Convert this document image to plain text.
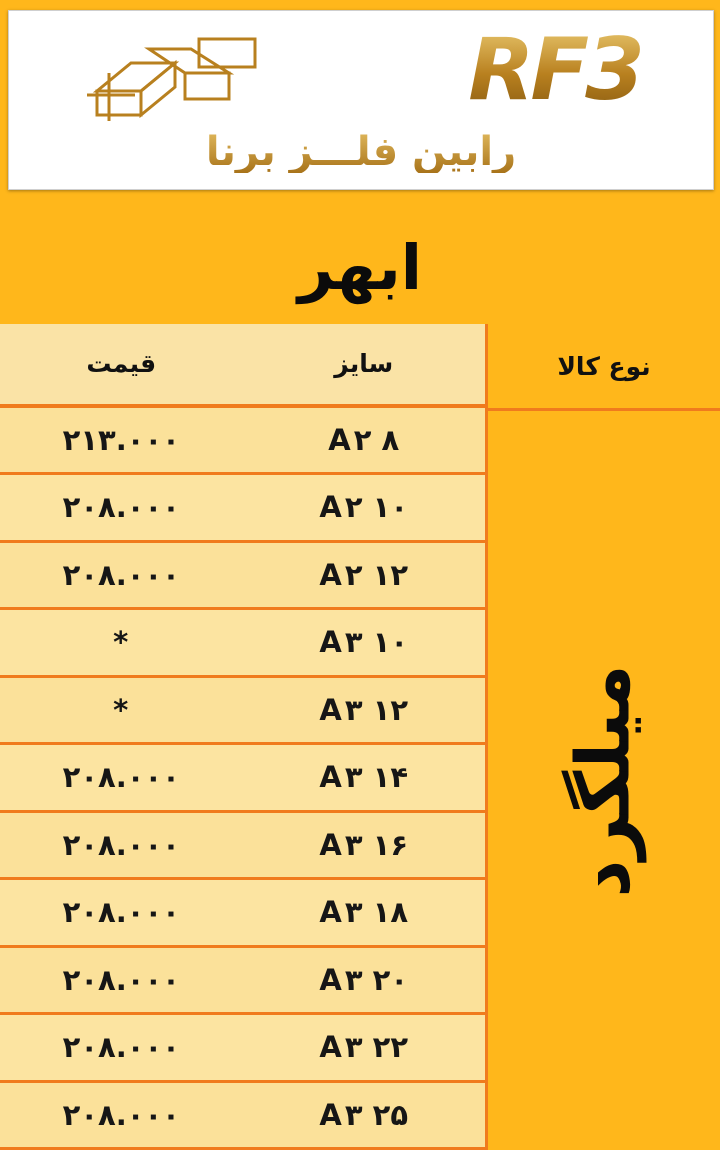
RF3
رابین فلـــز برنا
ابهر
نوع کالا
میلگرد
سایز
قیمت
A۲ ۸
۲۱۳.۰۰۰
A۲ ۱۰
۲۰۸.۰۰۰
A۲ ۱۲
۲۰۸.۰۰۰
A۳ ۱۰
*
A۳ ۱۲
*
A۳ ۱۴
۲۰۸.۰۰۰
A۳ ۱۶
۲۰۸.۰۰۰
A۳ ۱۸
۲۰۸.۰۰۰
A۳ ۲۰
۲۰۸.۰۰۰
A۳ ۲۲
۲۰۸.۰۰۰
A۳ ۲۵
۲۰۸.۰۰۰
